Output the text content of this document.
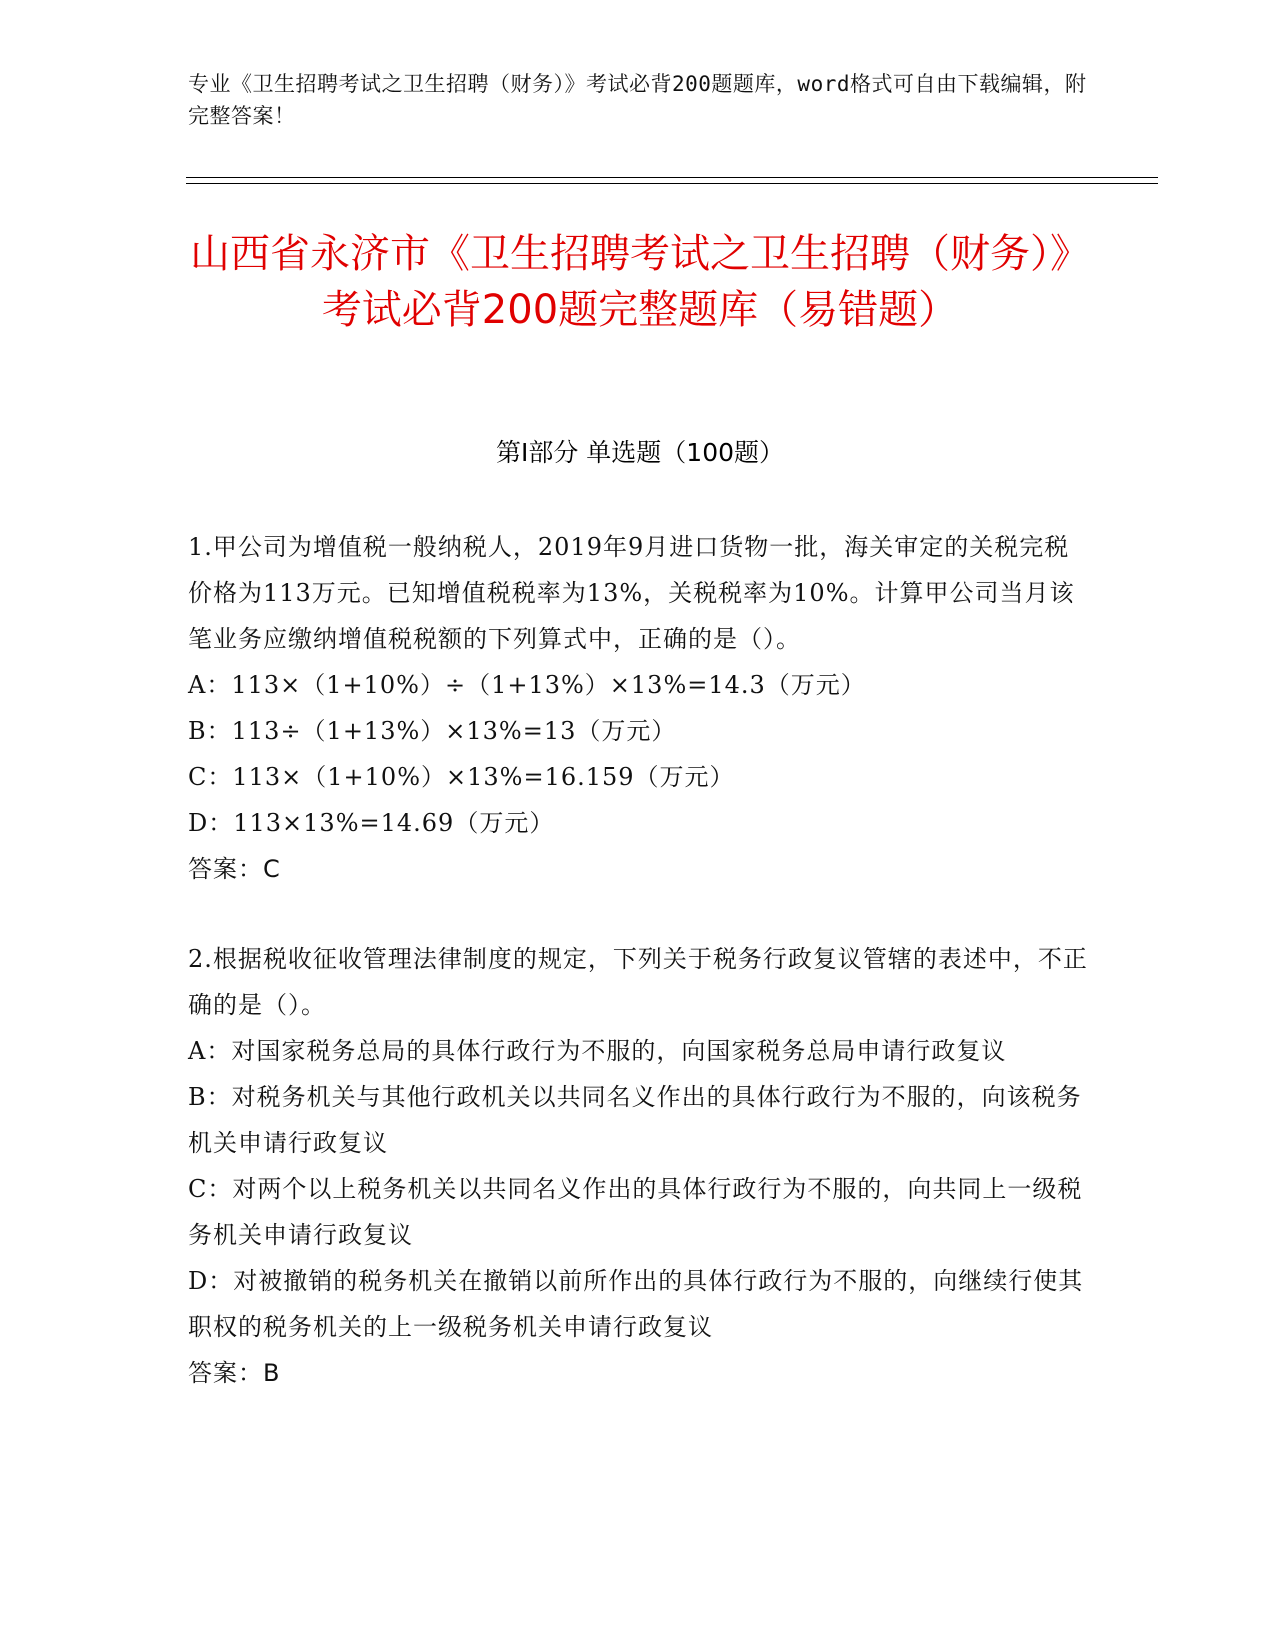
专业《卫生招聘考试之卫生招聘（财务）》考试必背200题题库，word格式可自由下载编辑，附完整答案！
山西省永济市《卫生招聘考试之卫生招聘（财务）》考试必背200题完整题库（易错题）
第I部分 单选题（100题）

1.甲公司为增值税一般纳税人，2019年9月进口货物一批，海关审定的关税完税价格为113万元。已知增值税税率为13%，关税税率为10%。计算甲公司当月该笔业务应缴纳增值税税额的下列算式中，正确的是（）。

A：113×（1+10%）÷（1+13%）×13%=14.3（万元）

B：113÷（1+13%）×13%=13（万元）

C：113×（1+10%）×13%=16.159（万元）

D：113×13%=14.69（万元）

答案：C

2.根据税收征收管理法律制度的规定，下列关于税务行政复议管辖的表述中，不正确的是（）。

A：对国家税务总局的具体行政行为不服的，向国家税务总局申请行政复议

B：对税务机关与其他行政机关以共同名义作出的具体行政行为不服的，向该税务机关申请行政复议

C：对两个以上税务机关以共同名义作出的具体行政行为不服的，向共同上一级税务机关申请行政复议

D：对被撤销的税务机关在撤销以前所作出的具体行政行为不服的，向继续行使其职权的税务机关的上一级税务机关申请行政复议

答案：B
